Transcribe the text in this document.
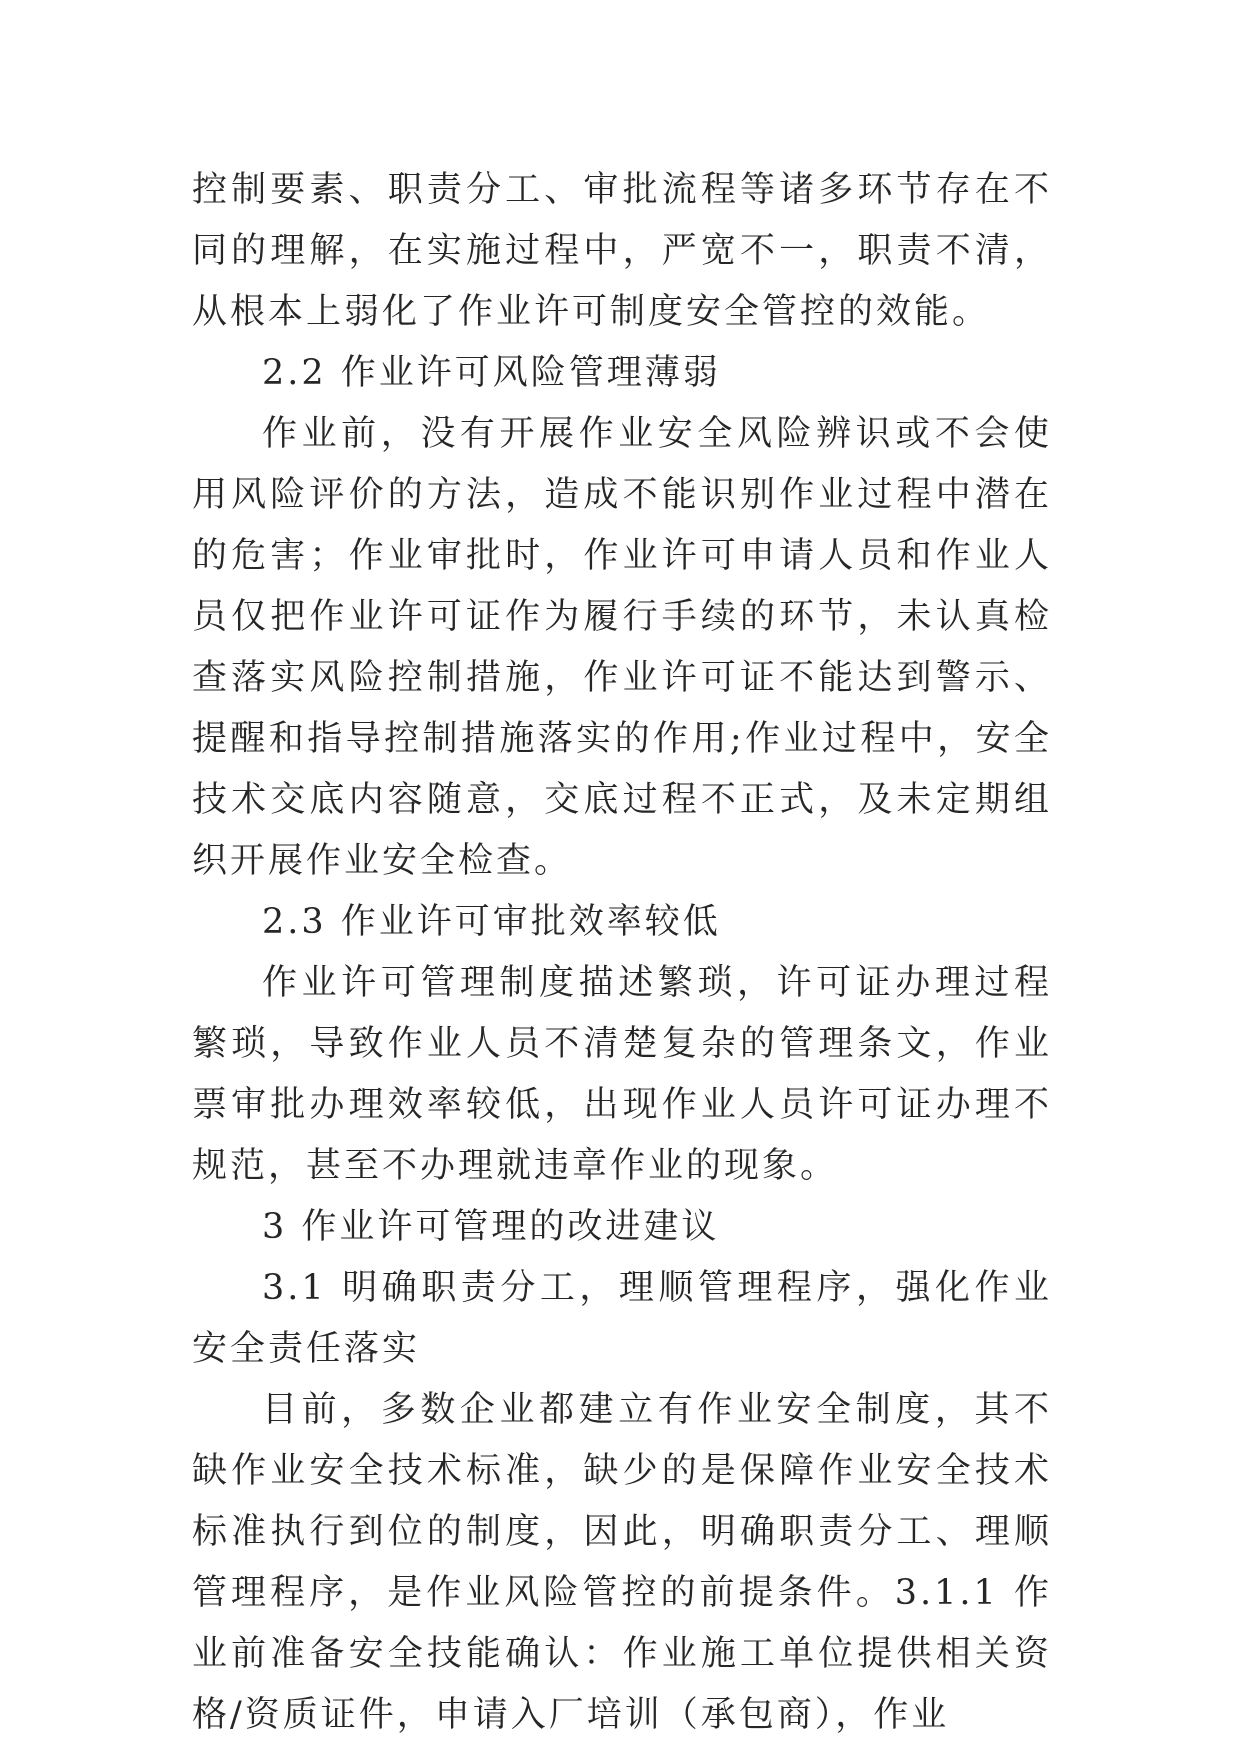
控制要素、职责分工、审批流程等诸多环节存在不同的理解，在实施过程中，严宽不一，职责不清，从根本上弱化了作业许可制度安全管控的效能。

2.2 作业许可风险管理薄弱

作业前，没有开展作业安全风险辨识或不会使用风险评价的方法，造成不能识别作业过程中潜在的危害；作业审批时，作业许可申请人员和作业人员仅把作业许可证作为履行手续的环节，未认真检查落实风险控制措施，作业许可证不能达到警示、提醒和指导控制措施落实的作用;作业过程中，安全技术交底内容随意，交底过程不正式，及未定期组织开展作业安全检查。

2.3 作业许可审批效率较低

作业许可管理制度描述繁琐，许可证办理过程繁琐，导致作业人员不清楚复杂的管理条文，作业票审批办理效率较低，出现作业人员许可证办理不规范，甚至不办理就违章作业的现象。

3 作业许可管理的改进建议

3.1 明确职责分工，理顺管理程序，强化作业安全责任落实

目前，多数企业都建立有作业安全制度，其不缺作业安全技术标准，缺少的是保障作业安全技术标准执行到位的制度，因此，明确职责分工、理顺管理程序，是作业风险管控的前提条件。3.1.1 作业前准备安全技能确认：作业施工单位提供相关资格/资质证件，申请入厂培训（承包商），作业
